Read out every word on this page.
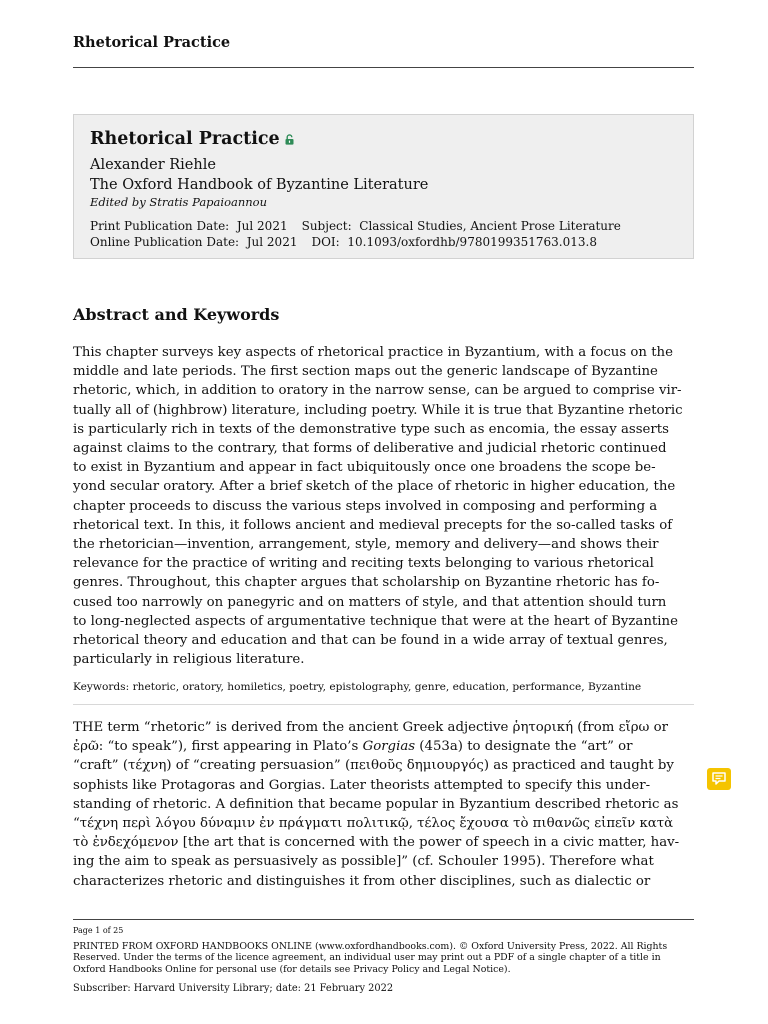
Rhetorical Practice
Rhetorical Practice
Alexander Riehle
The Oxford Handbook of Byzantine Literature
Edited by Stratis Papaioannou
Print Publication Date: Jul 2021 Subject: Classical Studies, Ancient Prose Literature
Online Publication Date: Jul 2021 DOI: 10.1093/oxfordhb/9780199351763.013.8
Abstract and Keywords

This chapter surveys key aspects of rhetorical practice in Byzantium, with a focus on the
middle and late periods. The first section maps out the generic landscape of Byzantine
rhetoric, which, in addition to oratory in the narrow sense, can be argued to comprise vir-
tually all of (highbrow) literature, including poetry. While it is true that Byzantine rhetoric
is particularly rich in texts of the demonstrative type such as encomia, the essay asserts
against claims to the contrary, that forms of deliberative and judicial rhetoric continued
to exist in Byzantium and appear in fact ubiquitously once one broadens the scope be-
yond secular oratory. After a brief sketch of the place of rhetoric in higher education, the
chapter proceeds to discuss the various steps involved in composing and performing a
rhetorical text. In this, it follows ancient and medieval precepts for the so-called tasks of
the rhetorician—invention, arrangement, style, memory and delivery—and shows their
relevance for the practice of writing and reciting texts belonging to various rhetorical
genres. Throughout, this chapter argues that scholarship on Byzantine rhetoric has fo-
cused too narrowly on panegyric and on matters of style, and that attention should turn
to long-neglected aspects of argumentative technique that were at the heart of Byzantine
rhetorical theory and education and that can be found in a wide array of textual genres,
particularly in religious literature.

Keywords: rhetoric, oratory, homiletics, poetry, epistolography, genre, education, performance, Byzantine

THE term “rhetoric” is derived from the ancient Greek adjective ῥητορική (from εἴρω or
ἐρῶ: “to speak”), first appearing in Plato’s Gorgias (453a) to designate the “art” or
“craft” (τέχνη) of “creating persuasion” (πειθοῦς δημιουργός) as practiced and taught by
sophists like Protagoras and Gorgias. Later theorists attempted to specify this under-
standing of rhetoric. A definition that became popular in Byzantium described rhetoric as
“τέχνη περὶ λόγου δύναμιν ἐν πράγματι πολιτικῷ, τέλος ἔχουσα τὸ πιθανῶς εἰπεῖν κατὰ
τὸ ἐνδεχόμενον [the art that is concerned with the power of speech in a civic matter, hav-
ing the aim to speak as persuasively as possible]” (cf. Schouler 1995). Therefore what
characterizes rhetoric and distinguishes it from other disciplines, such as dialectic or

Page 1 of 25

PRINTED FROM OXFORD HANDBOOKS ONLINE (www.oxfordhandbooks.com). © Oxford University Press, 2022. All Rights
Reserved. Under the terms of the licence agreement, an individual user may print out a PDF of a single chapter of a title in
Oxford Handbooks Online for personal use (for details see Privacy Policy and Legal Notice).

Subscriber: Harvard University Library; date: 21 February 2022
